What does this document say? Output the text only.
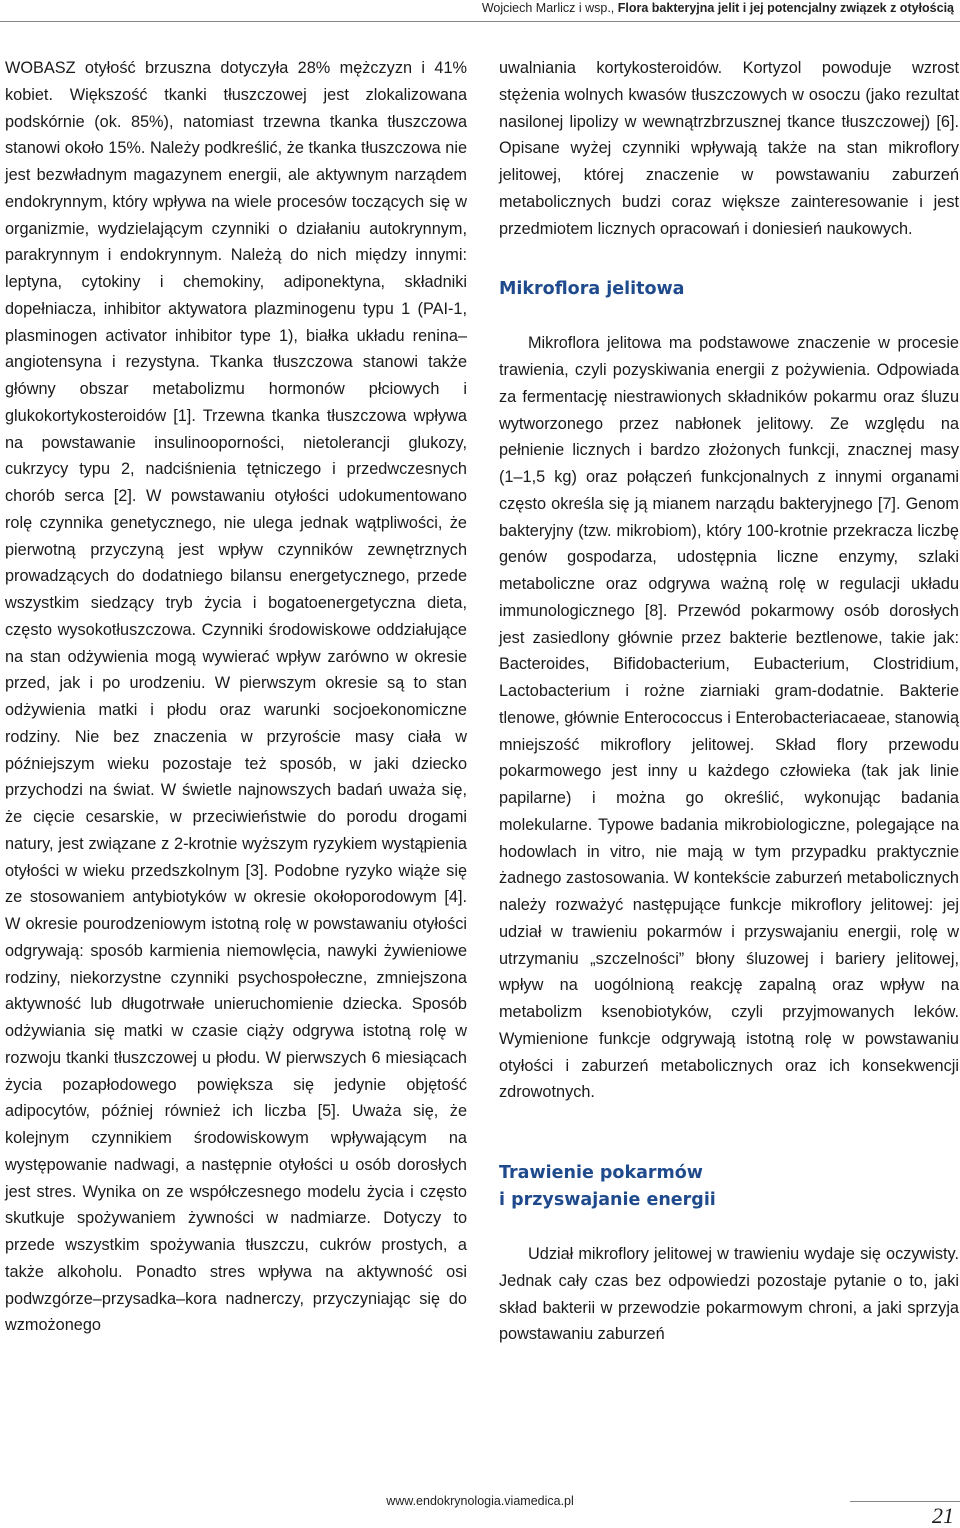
Wojciech Marlicz i wsp., Flora bakteryjna jelit i jej potencjalny związek z otyłością

WOBASZ otyłość brzuszna dotyczyła 28% mężczyzn i 41% kobiet. Większość tkanki tłuszczowej jest zlokalizowana podskórnie (ok. 85%), natomiast trzewna tkanka tłuszczowa stanowi około 15%. Należy podkreślić, że tkanka tłuszczowa nie jest bezwładnym magazynem energii, ale aktywnym narządem endokrynnym, który wpływa na wiele procesów toczących się w organizmie, wydzielającym czynniki o działaniu autokrynnym, parakrynnym i endokrynnym. Należą do nich między innymi: leptyna, cytokiny i chemokiny, adiponektyna, składniki dopełniacza, inhibitor aktywatora plazminogenu typu 1 (PAI-1, plasminogen activator inhibitor type 1), białka układu renina–angiotensyna i rezystyna. Tkanka tłuszczowa stanowi także główny obszar metabolizmu hormonów płciowych i glukokortykosteroidów [1]. Trzewna tkanka tłuszczowa wpływa na powstawanie insulinooporności, nietolerancji glukozy, cukrzycy typu 2, nadciśnienia tętniczego i przedwczesnych chorób serca [2]. W powstawaniu otyłości udokumentowano rolę czynnika genetycznego, nie ulega jednak wątpliwości, że pierwotną przyczyną jest wpływ czynników zewnętrznych prowadzących do dodatniego bilansu energetycznego, przede wszystkim siedzący tryb życia i bogatoenergetyczna dieta, często wysokotłuszczowa. Czynniki środowiskowe oddziałujące na stan odżywienia mogą wywierać wpływ zarówno w okresie przed, jak i po urodzeniu. W pierwszym okresie są to stan odżywienia matki i płodu oraz warunki socjoekonomiczne rodziny. Nie bez znaczenia w przyroście masy ciała w późniejszym wieku pozostaje też sposób, w jaki dziecko przychodzi na świat. W świetle najnowszych badań uważa się, że cięcie cesarskie, w przeciwieństwie do porodu drogami natury, jest związane z 2-krotnie wyższym ryzykiem wystąpienia otyłości w wieku przedszkolnym [3]. Podobne ryzyko wiąże się ze stosowaniem antybiotyków w okresie okołoporodowym [4]. W okresie pourodzeniowym istotną rolę w powstawaniu otyłości odgrywają: sposób karmienia niemowlęcia, nawyki żywieniowe rodziny, niekorzystne czynniki psychospołeczne, zmniejszona aktywność lub długotrwałe unieruchomienie dziecka. Sposób odżywiania się matki w czasie ciąży odgrywa istotną rolę w rozwoju tkanki tłuszczowej u płodu. W pierwszych 6 miesiącach życia pozapłodowego powiększa się jedynie objętość adipocytów, później również ich liczba [5]. Uważa się, że kolejnym czynnikiem środowiskowym wpływającym na występowanie nadwagi, a następnie otyłości u osób dorosłych jest stres. Wynika on ze współczesnego modelu życia i często skutkuje spożywaniem żywności w nadmiarze. Dotyczy to przede wszystkim spożywania tłuszczu, cukrów prostych, a także alkoholu. Ponadto stres wpływa na aktywność osi podwzgórze–przysadka–kora nadnerczy, przyczyniając się do wzmożonego

uwalniania kortykosteroidów. Kortyzol powoduje wzrost stężenia wolnych kwasów tłuszczowych w osoczu (jako rezultat nasilonej lipolizy w wewnątrzbrzusznej tkance tłuszczowej) [6]. Opisane wyżej czynniki wpływają także na stan mikroflory jelitowej, której znaczenie w powstawaniu zaburzeń metabolicznych budzi coraz większe zainteresowanie i jest przedmiotem licznych opracowań i doniesień naukowych.

Mikroflora jelitowa

Mikroflora jelitowa ma podstawowe znaczenie w procesie trawienia, czyli pozyskiwania energii z pożywienia. Odpowiada za fermentację niestrawionych składników pokarmu oraz śluzu wytworzonego przez nabłonek jelitowy. Ze względu na pełnienie licznych i bardzo złożonych funkcji, znacznej masy (1–1,5 kg) oraz połączeń funkcjonalnych z innymi organami często określa się ją mianem narządu bakteryjnego [7]. Genom bakteryjny (tzw. mikrobiom), który 100-krotnie przekracza liczbę genów gospodarza, udostępnia liczne enzymy, szlaki metaboliczne oraz odgrywa ważną rolę w regulacji układu immunologicznego [8]. Przewód pokarmowy osób dorosłych jest zasiedlony głównie przez bakterie beztlenowe, takie jak: Bacteroides, Bifidobacterium, Eubacterium, Clostridium, Lactobacterium i rożne ziarniaki gram-dodatnie. Bakterie tlenowe, głównie Enterococcus i Enterobacteriacaeae, stanowią mniejszość mikroflory jelitowej. Skład flory przewodu pokarmowego jest inny u każdego człowieka (tak jak linie papilarne) i można go określić, wykonując badania molekularne. Typowe badania mikrobiologiczne, polegające na hodowlach in vitro, nie mają w tym przypadku praktycznie żadnego zastosowania. W kontekście zaburzeń metabolicznych należy rozważyć następujące funkcje mikroflory jelitowej: jej udział w trawieniu pokarmów i przyswajaniu energii, rolę w utrzymaniu „szczelności” błony śluzowej i bariery jelitowej, wpływ na uogólnioną reakcję zapalną oraz wpływ na metabolizm ksenobiotyków, czyli przyjmowanych leków. Wymienione funkcje odgrywają istotną rolę w powstawaniu otyłości i zaburzeń metabolicznych oraz ich konsekwencji zdrowotnych.

Trawienie pokarmów
i przyswajanie energii

Udział mikroflory jelitowej w trawieniu wydaje się oczywisty. Jednak cały czas bez odpowiedzi pozostaje pytanie o to, jaki skład bakterii w przewodzie pokarmowym chroni, a jaki sprzyja powstawaniu zaburzeń

www.endokrynologia.viamedica.pl
21
